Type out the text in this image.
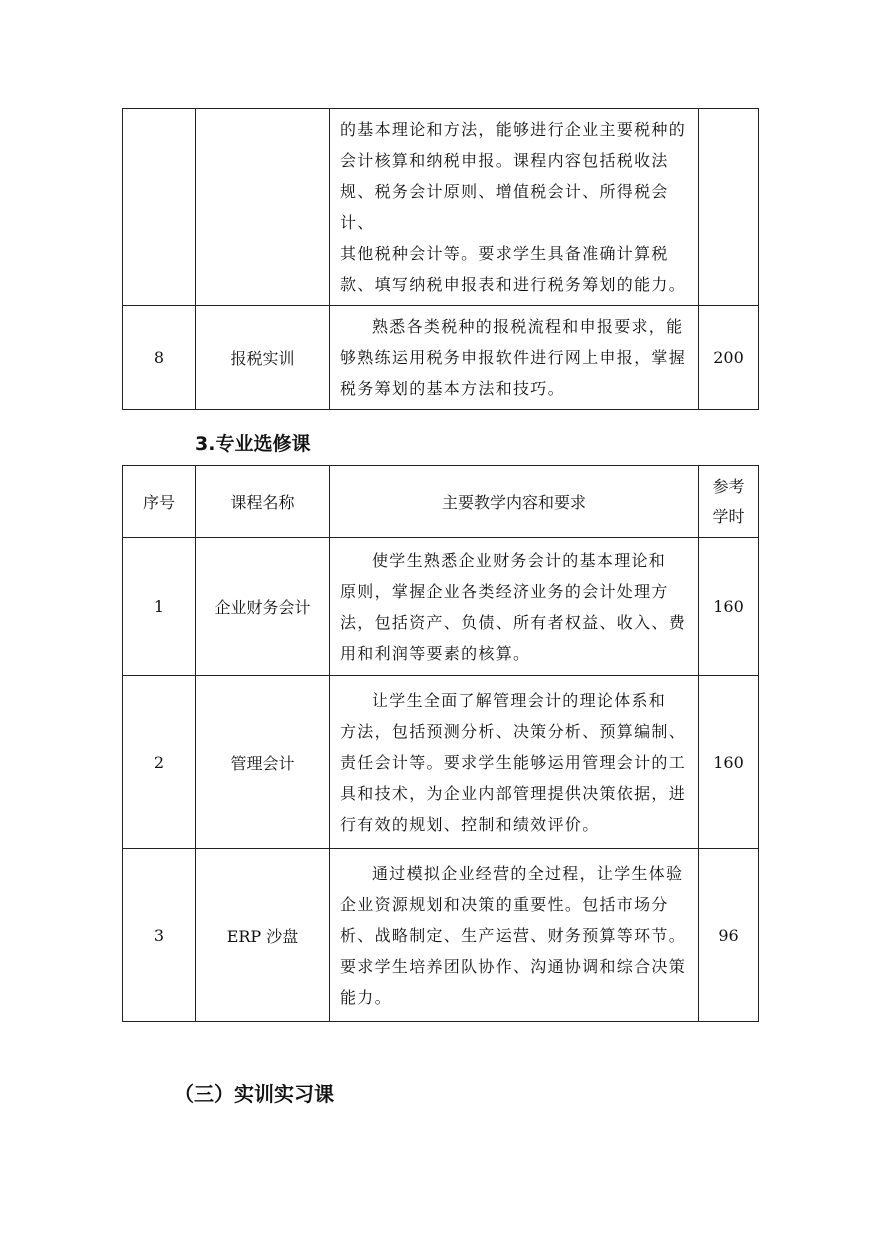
		的基本理论和方法，能够进行企业主要税种的
会计核算和纳税申报。课程内容包括税收法
规、税务会计原则、增值税会计、所得税会计、
其他税种会计等。要求学生具备准确计算税
款、填写纳税申报表和进行税务筹划的能力。	

8	报税实训	熟悉各类税种的报税流程和申报要求，能
够熟练运用税务申报软件进行网上申报，掌握
税务筹划的基本方法和技巧。	200
3.专业选修课
序号	课程名称	主要教学内容和要求	参考
学时

1	企业财务会计	使学生熟悉企业财务会计的基本理论和
原则，掌握企业各类经济业务的会计处理方
法，包括资产、负债、所有者权益、收入、费
用和利润等要素的核算。	160
2	管理会计	让学生全面了解管理会计的理论体系和
方法，包括预测分析、决策分析、预算编制、
责任会计等。要求学生能够运用管理会计的工
具和技术，为企业内部管理提供决策依据，进
行有效的规划、控制和绩效评价。	160
3	ERP 沙盘	通过模拟企业经营的全过程，让学生体验
企业资源规划和决策的重要性。包括市场分
析、战略制定、生产运营、财务预算等环节。
要求学生培养团队协作、沟通协调和综合决策
能力。	96
（三）实训实习课
